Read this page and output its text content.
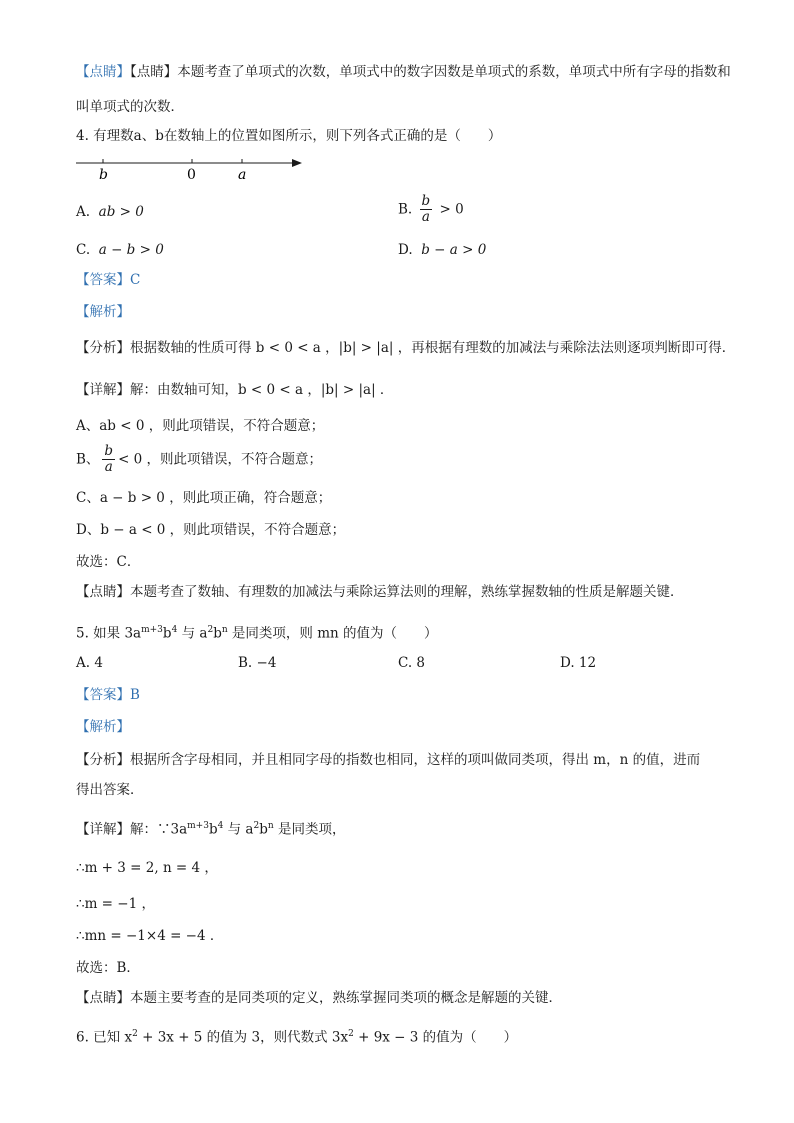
【点睛】【点睛】本题考查了单项式的次数，单项式中的数字因数是单项式的系数，单项式中所有字母的指数和
叫单项式的次数．
4. 有理数a、b在数轴上的位置如图所示，则下列各式正确的是（　　）
b	0	a
A. ab > 0	B. $\frac{b}{a} > 0$
C. a − b > 0	D. b − a > 0
【答案】C
【解析】
【分析】根据数轴的性质可得 b < 0 < a ，|b| > |a| ，再根据有理数的加减法与乘除法法则逐项判断即可得．
【详解】解：由数轴可知，b < 0 < a ，|b| > |a| ．
A、ab < 0 ，则此项错误，不符合题意；
B、 $\frac{b}{a} < 0$ ，则此项错误，不符合题意；
C、a − b > 0 ，则此项正确，符合题意；
D、b − a < 0 ，则此项错误，不符合题意；
故选：C．
【点睛】本题考查了数轴、有理数的加减法与乘除运算法则的理解，熟练掌握数轴的性质是解题关键．
5. 如果 $3a^{m+3}b^4$ 与 $a^2b^n$ 是同类项，则 mn 的值为（　　）
A. 4	B. −4	C. 8	D. 12
【答案】B
【解析】
【分析】根据所含字母相同，并且相同字母的指数也相同，这样的项叫做同类项，得出 m，n 的值，进而
得出答案．
【详解】解：$\because 3a^{m+3}b^4$ 与 $a^2b^n$ 是同类项，
∴m + 3 = 2, n = 4 ，
∴m = −1 ，
∴mn = −1×4 = −4 ．
故选：B．
【点睛】本题主要考查的是同类项的定义，熟练掌握同类项的概念是解题的关键．
6. 已知 $x^2 + 3x + 5$ 的值为 3，则代数式 $3x^2 + 9x - 3$ 的值为（　　）
